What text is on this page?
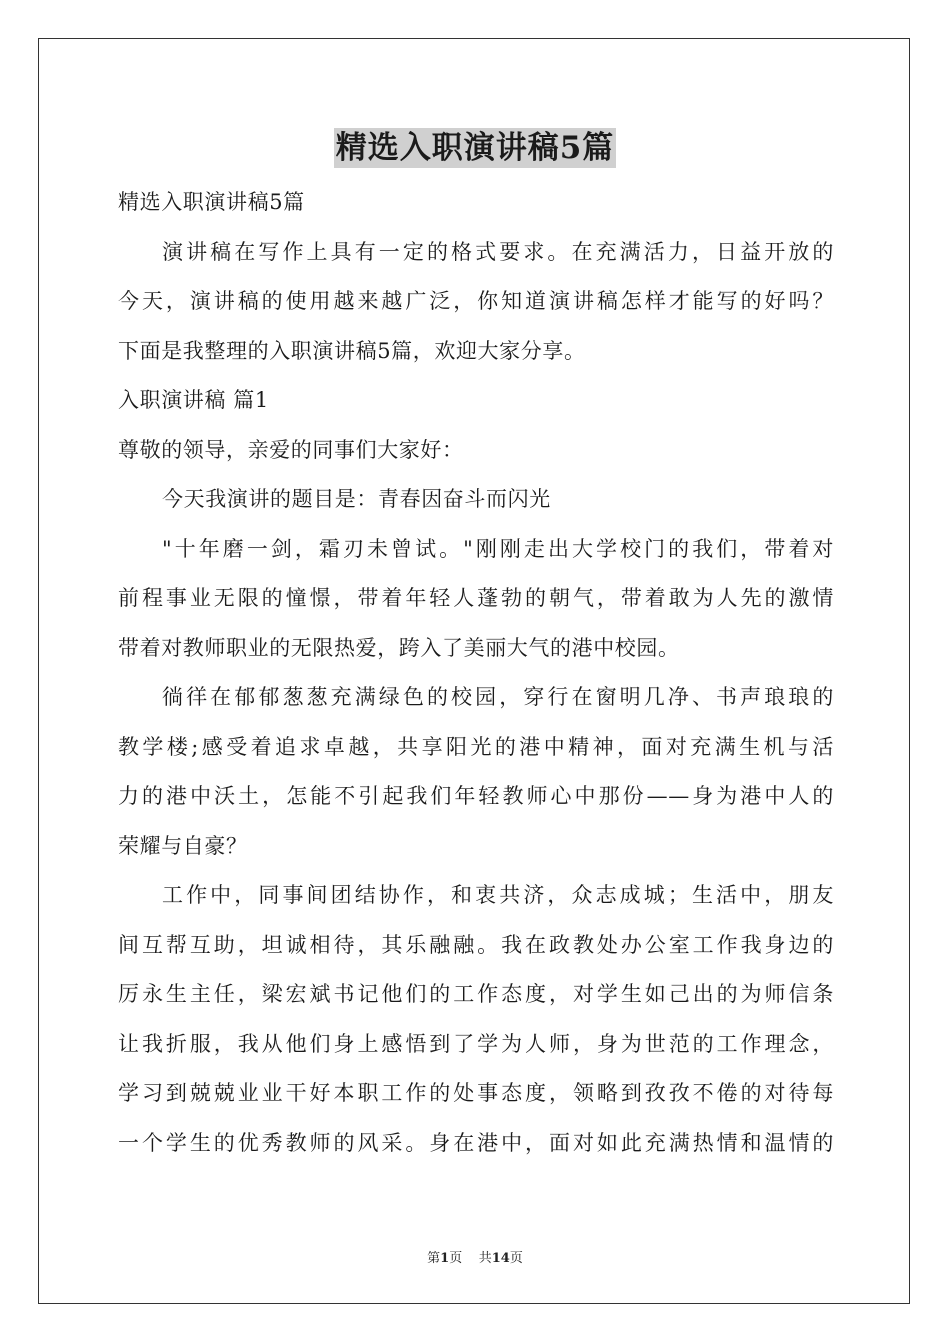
精选入职演讲稿5篇
精选入职演讲稿5篇
演讲稿在写作上具有一定的格式要求。在充满活力，日益开放的
今天，演讲稿的使用越来越广泛，你知道演讲稿怎样才能写的好吗？
下面是我整理的入职演讲稿5篇，欢迎大家分享。
入职演讲稿 篇1
尊敬的领导，亲爱的同事们大家好：
今天我演讲的题目是：青春因奋斗而闪光
"十年磨一剑，霜刃未曾试。"刚刚走出大学校门的我们，带着对
前程事业无限的憧憬，带着年轻人蓬勃的朝气，带着敢为人先的激情
带着对教师职业的无限热爱，跨入了美丽大气的港中校园。
徜徉在郁郁葱葱充满绿色的校园，穿行在窗明几净、书声琅琅的
教学楼;感受着追求卓越，共享阳光的港中精神，面对充满生机与活
力的港中沃土，怎能不引起我们年轻教师心中那份——身为港中人的
荣耀与自豪？
工作中，同事间团结协作，和衷共济，众志成城；生活中，朋友
间互帮互助，坦诚相待，其乐融融。我在政教处办公室工作我身边的
厉永生主任，梁宏斌书记他们的工作态度，对学生如己出的为师信条
让我折服，我从他们身上感悟到了学为人师，身为世范的工作理念，
学习到兢兢业业干好本职工作的处事态度，领略到孜孜不倦的对待每
一个学生的优秀教师的风采。身在港中，面对如此充满热情和温情的
第1页 共14页
